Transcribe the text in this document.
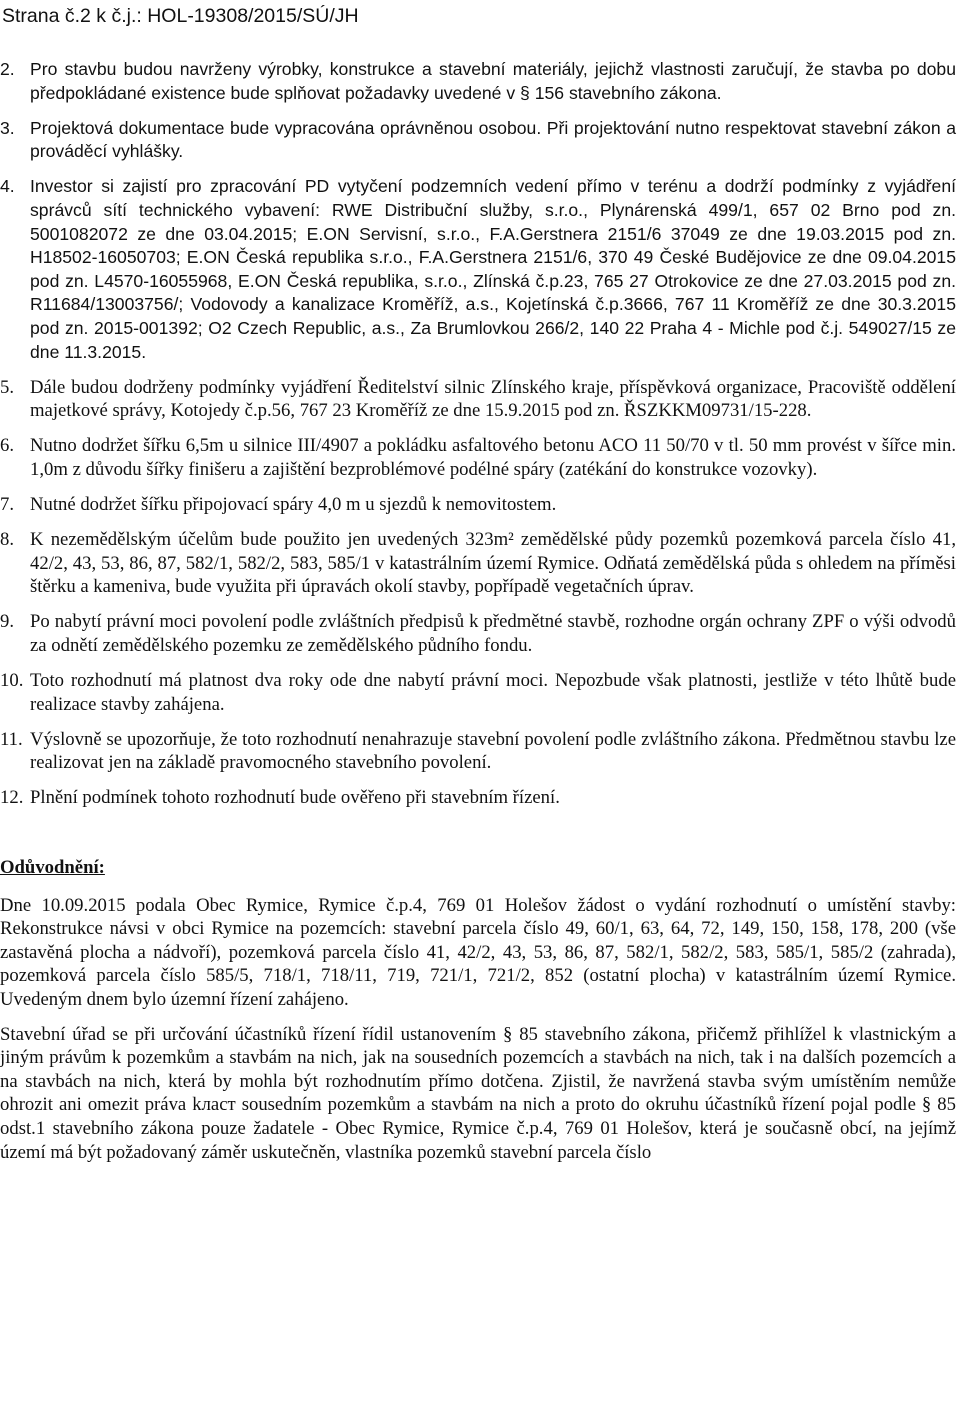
Strana č.2 k č.j.: HOL-19308/2015/SÚ/JH
2. Pro stavbu budou navrženy výrobky, konstrukce a stavební materiály, jejichž vlastnosti zaručují, že stavba po dobu předpokládané existence bude splňovat požadavky uvedené v § 156 stavebního zákona.
3. Projektová dokumentace bude vypracována oprávněnou osobou. Při projektování nutno respektovat stavební zákon a prováděcí vyhlášky.
4. Investor si zajistí pro zpracování PD vytyčení podzemních vedení přímo v terénu a dodrží podmínky z vyjádření správců sítí technického vybavení: RWE Distribuční služby, s.r.o., Plynárenská 499/1, 657 02 Brno pod zn. 5001082072 ze dne 03.04.2015; E.ON Servisní, s.r.o., F.A.Gerstnera 2151/6 37049 ze dne 19.03.2015 pod zn. H18502-16050703; E.ON Česká republika s.r.o., F.A.Gerstnera 2151/6, 370 49 České Budějovice ze dne 09.04.2015 pod zn. L4570-16055968, E.ON Česká republika, s.r.o., Zlínská č.p.23, 765 27 Otrokovice ze dne 27.03.2015 pod zn. R11684/13003756/; Vodovody a kanalizace Kroměříž, a.s., Kojetínská č.p.3666, 767 11 Kroměříž ze dne 30.3.2015 pod zn. 2015-001392; O2 Czech Republic, a.s., Za Brumlovkou 266/2, 140 22 Praha 4 - Michle pod č.j. 549027/15 ze dne 11.3.2015.
5. Dále budou dodrženy podmínky vyjádření Ředitelství silnic Zlínského kraje, příspěvková organizace, Pracoviště oddělení majetkové správy, Kotojedy č.p.56, 767 23 Kroměříž ze dne 15.9.2015 pod zn. ŘSZKKM09731/15-228.
6. Nutno dodržet šířku 6,5m u silnice III/4907 a pokládku asfaltového betonu ACO 11 50/70 v tl. 50 mm provést v šířce min. 1,0m z důvodu šířky finišeru a zajištění bezproblémové podélné spáry (zatékání do konstrukce vozovky).
7. Nutné dodržet šířku připojovací spáry 4,0 m u sjezdů k nemovitostem.
8. K nezemědělským účelům bude použito jen uvedených 323m² zemědělské půdy pozemků pozemková parcela číslo 41, 42/2, 43, 53, 86, 87, 582/1, 582/2, 583, 585/1 v katastrálním území Rymice. Odňatá zemědělská půda s ohledem na příměsi štěrku a kameniva, bude využita při úpravách okolí stavby, popřípadě vegetačních úprav.
9. Po nabytí právní moci povolení podle zvláštních předpisů k předmětné stavbě, rozhodne orgán ochrany ZPF o výši odvodů za odnětí zemědělského pozemku ze zemědělského půdního fondu.
10. Toto rozhodnutí má platnost dva roky ode dne nabytí právní moci. Nepozbude však platnosti, jestliže v této lhůtě bude realizace stavby zahájena.
11. Výslovně se upozorňuje, že toto rozhodnutí nenahrazuje stavební povolení podle zvláštního zákona. Předmětnou stavbu lze realizovat jen na základě pravomocného stavebního povolení.
12. Plnění podmínek tohoto rozhodnutí bude ověřeno při stavebním řízení.
Odůvodnění:
Dne 10.09.2015 podala Obec Rymice, Rymice č.p.4, 769 01 Holešov žádost o vydání rozhodnutí o umístění stavby: Rekonstrukce návsi v obci Rymice na pozemcích: stavební parcela číslo 49, 60/1, 63, 64, 72, 149, 150, 158, 178, 200 (vše zastavěná plocha a nádvoří), pozemková parcela číslo 41, 42/2, 43, 53, 86, 87, 582/1, 582/2, 583, 585/1, 585/2 (zahrada), pozemková parcela číslo 585/5, 718/1, 718/11, 719, 721/1, 721/2, 852 (ostatní plocha) v katastrálním území Rymice. Uvedeným dnem bylo územní řízení zahájeno.
Stavební úřad se při určování účastníků řízení řídil ustanovením § 85 stavebního zákona, přičemž přihlížel k vlastnickým a jiným právům k pozemkům a stavbám na nich, jak na sousedních pozemcích a stavbách na nich, tak i na dalších pozemcích a na stavbách na nich, která by mohla být rozhodnutím přímo dotčena. Zjistil, že navržená stavba svým umístěním nemůže ohrozit ani omezit práva kласт sousedním pozemkům a stavbám na nich a proto do okruhu účastníků řízení pojal podle § 85 odst.1 stavebního zákona pouze žadatele - Obec Rymice, Rymice č.p.4, 769 01 Holešov, která je současně obcí, na jejímž území má být požadovaný záměr uskutečněn, vlastníka pozemků stavební parcela číslo
